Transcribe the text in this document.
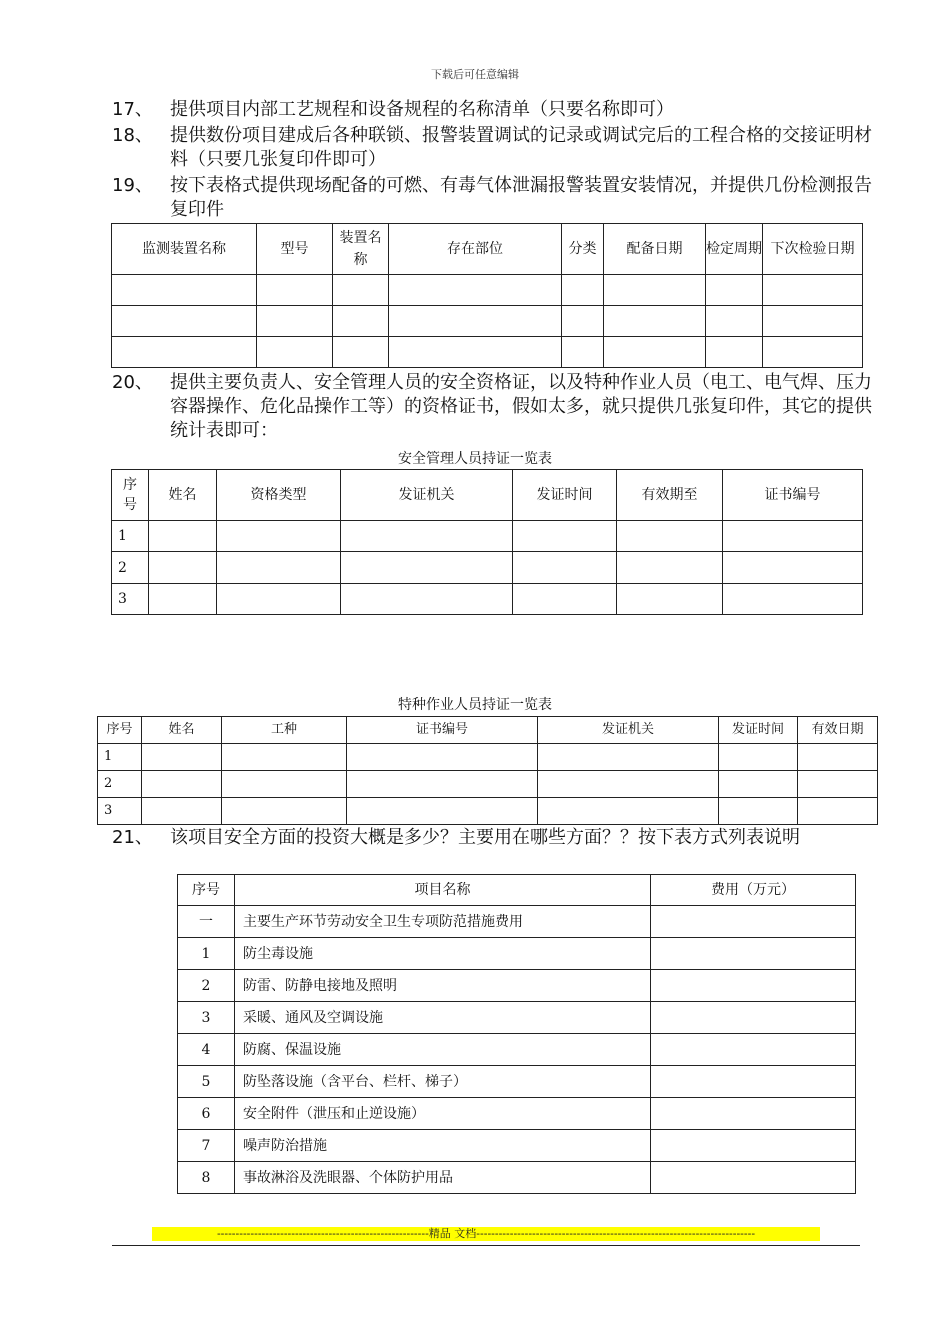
下载后可任意编辑
17、 提供项目内部工艺规程和设备规程的名称清单（只要名称即可）
18、 提供数份项目建成后各种联锁、报警装置调试的记录或调试完后的工程合格的交接证明材料（只要几张复印件即可）
19、 按下表格式提供现场配备的可燃、有毒气体泄漏报警装置安装情况，并提供几份检测报告复印件
监测装置名称	型号	装置名称	存在部位	分类	配备日期	检定周期	下次检验日期

20、 提供主要负责人、安全管理人员的安全资格证，以及特种作业人员（电工、电气焊、压力容器操作、危化品操作工等）的资格证书，假如太多，就只提供几张复印件，其它的提供统计表即可：
安全管理人员持证一览表
序号	姓名	资格类型	发证机关	发证时间	有效期至	证书编号
1						
2						
3						
特种作业人员持证一览表
序号	姓名	工种	证书编号	发证机关	发证时间	有效日期
1						
2						
3						
21、 该项目安全方面的投资大概是多少？主要用在哪些方面？？按下表方式列表说明
序号	项目名称	费用（万元）
一	主要生产环节劳动安全卫生专项防范措施费用	
1	防尘毒设施	
2	防雷、防静电接地及照明	
3	采暖、通风及空调设施	
4	防腐、保温设施	
5	防坠落设施（含平台、栏杆、梯子）	
6	安全附件（泄压和止逆设施）	
7	噪声防治措施	
8	事故淋浴及洗眼器、个体防护用品	
---------------------------------------------------------精品 文档---------------------------------------------------------------------------
